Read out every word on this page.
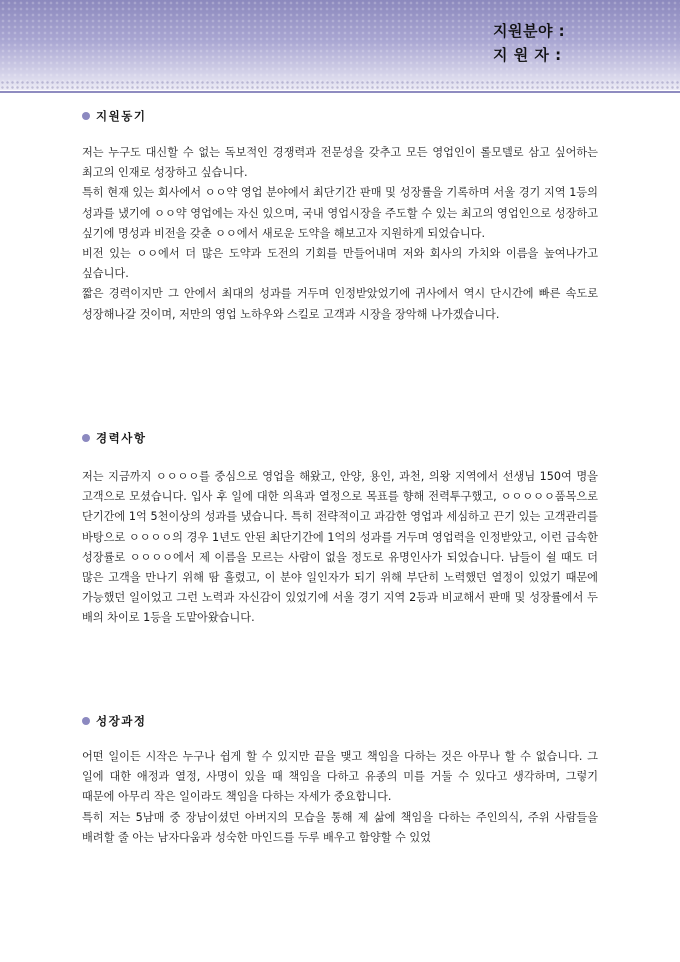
지원분야 :
지 원 자 :
지원동기

저는 누구도 대신할 수 없는 독보적인 경쟁력과 전문성을 갖추고 모든 영업인이 롤모델로 삼고 싶어하는 최고의 인재로 성장하고 싶습니다.

특히 현재 있는 회사에서 ㅇㅇ약 영업 분야에서 최단기간 판매 및 성장률을 기록하며 서울 경기 지역 1등의 성과를 냈기에 ㅇㅇ약 영업에는 자신 있으며, 국내 영업시장을 주도할 수 있는 최고의 영업인으로 성장하고 싶기에 명성과 비전을 갖춘 ㅇㅇ에서 새로운 도약을 해보고자 지원하게 되었습니다.

비전 있는 ㅇㅇ에서 더 많은 도약과 도전의 기회를 만들어내며 저와 회사의 가치와 이름을 높여나가고 싶습니다.

짧은 경력이지만 그 안에서 최대의 성과를 거두며 인정받았었기에 귀사에서 역시 단시간에 빠른 속도로 성장해나갈 것이며, 저만의 영업 노하우와 스킬로 고객과 시장을 장악해 나가겠습니다.

경력사항

저는 지금까지 ㅇㅇㅇㅇ를 중심으로 영업을 해왔고, 안양, 용인, 과천, 의왕 지역에서 선생님 150여 명을 고객으로 모셨습니다. 입사 후 일에 대한 의욕과 열정으로 목표를 향해 전력투구했고, ㅇㅇㅇㅇㅇ품목으로 단기간에 1억 5천이상의 성과를 냈습니다. 특히 전략적이고 과감한 영업과 세심하고 끈기 있는 고객관리를 바탕으로 ㅇㅇㅇㅇ의 경우 1년도 안된 최단기간에 1억의 성과를 거두며 영업력을 인정받았고, 이런 급속한 성장률로 ㅇㅇㅇㅇ에서 제 이름을 모르는 사람이 없을 정도로 유명인사가 되었습니다. 남들이 쉴 때도 더 많은 고객을 만나기 위해 땀 흘렸고, 이 분야 일인자가 되기 위해 부단히 노력했던 열정이 있었기 때문에 가능했던 일이었고 그런 노력과 자신감이 있었기에 서울 경기 지역 2등과 비교해서 판매 및 성장률에서 두 배의 차이로 1등을 도맡아왔습니다.

성장과정

어떤 일이든 시작은 누구나 쉽게 할 수 있지만 끝을 맺고 책임을 다하는 것은 아무나 할 수 없습니다. 그 일에 대한 애정과 열정, 사명이 있을 때 책임을 다하고 유종의 미를 거둘 수 있다고 생각하며, 그렇기 때문에 아무리 작은 일이라도 책임을 다하는 자세가 중요합니다.

특히 저는 5남매 중 장남이셨던 아버지의 모습을 통해 제 삶에 책임을 다하는 주인의식, 주위 사람들을 배려할 줄 아는 남자다움과 성숙한 마인드를 두루 배우고 함양할 수 있었
